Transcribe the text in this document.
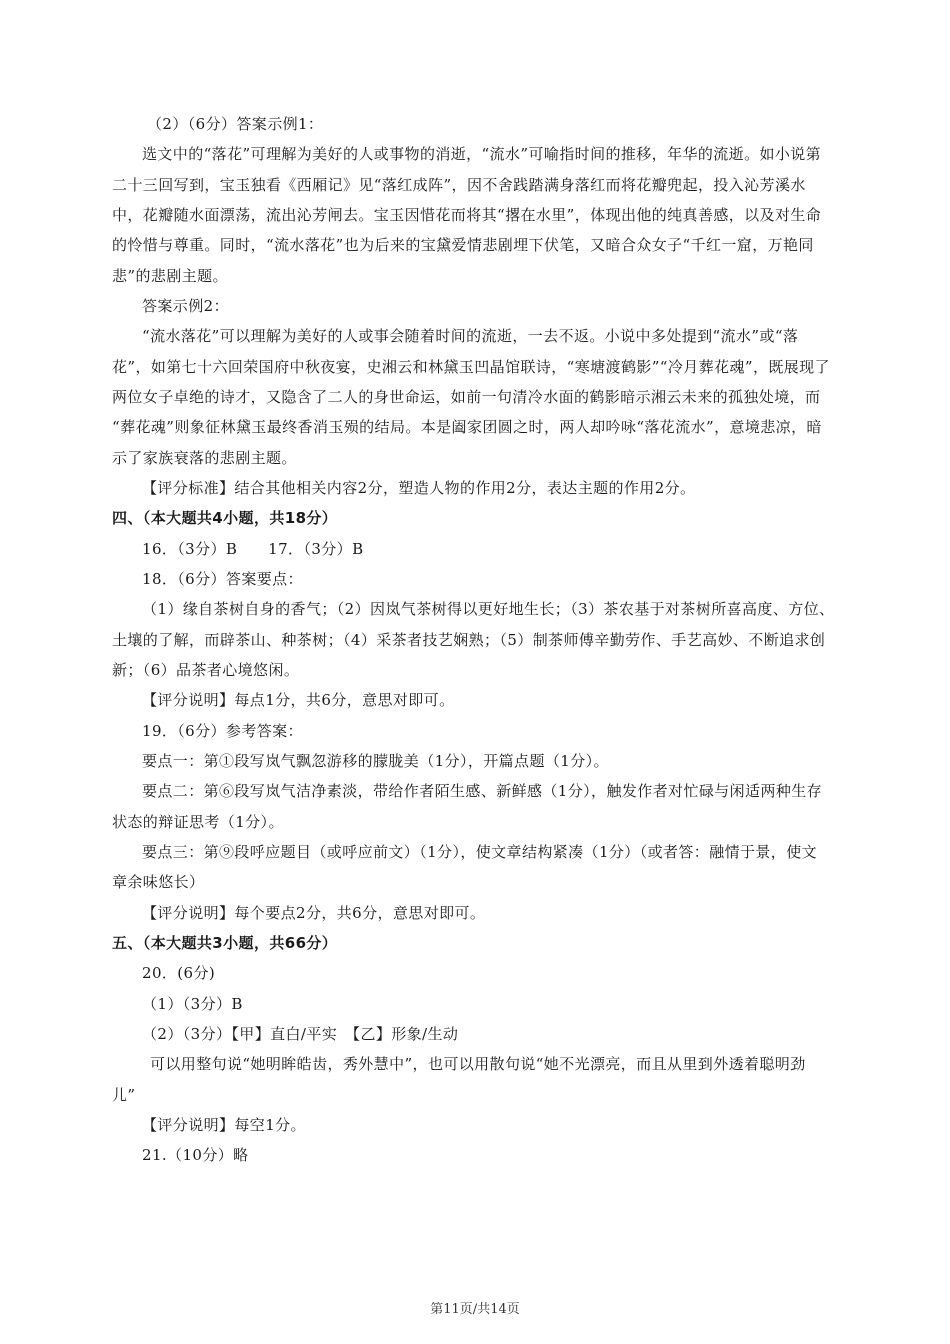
（2）（6分）答案示例1：
选文中的“落花”可理解为美好的人或事物的消逝，“流水”可喻指时间的推移，年华的流逝。如小说第
二十三回写到，宝玉独看《西厢记》见“落红成阵”，因不舍践踏满身落红而将花瓣兜起，投入沁芳溪水
中，花瓣随水面漂荡，流出沁芳闸去。宝玉因惜花而将其“撂在水里”，体现出他的纯真善感，以及对生命
的怜惜与尊重。同时，“流水落花”也为后来的宝黛爱情悲剧埋下伏笔，又暗合众女子“千红一窟，万艳同
悲”的悲剧主题。
答案示例2：
“流水落花”可以理解为美好的人或事会随着时间的流逝，一去不返。小说中多处提到“流水”或“落
花”，如第七十六回荣国府中秋夜宴，史湘云和林黛玉凹晶馆联诗，“寒塘渡鹤影”“冷月葬花魂”，既展现了
两位女子卓绝的诗才，又隐含了二人的身世命运，如前一句清冷水面的鹤影暗示湘云未来的孤独处境，而
“葬花魂”则象征林黛玉最终香消玉殒的结局。本是阖家团圆之时，两人却吟咏“落花流水”，意境悲凉，暗
示了家族衰落的悲剧主题。
【评分标准】结合其他相关内容2分，塑造人物的作用2分，表达主题的作用2分。
四、（本大题共4小题，共18分）
16．（3分）B　　17．（3分）B
18．（6分）答案要点：
（1）缘自茶树自身的香气；（2）因岚气茶树得以更好地生长；（3）茶农基于对茶树所喜高度、方位、
土壤的了解，而辟茶山、种茶树；（4）采茶者技艺娴熟；（5）制茶师傅辛勤劳作、手艺高妙、不断追求创
新；（6）品茶者心境悠闲。
【评分说明】每点1分，共6分，意思对即可。
19．（6分）参考答案：
要点一：第①段写岚气飘忽游移的朦胧美（1分），开篇点题（1分）。
要点二：第⑥段写岚气洁净素淡，带给作者陌生感、新鲜感（1分），触发作者对忙碌与闲适两种生存
状态的辩证思考（1分）。
要点三：第⑨段呼应题目（或呼应前文）（1分），使文章结构紧凑（1分）（或者答：融情于景，使文
章余味悠长）
【评分说明】每个要点2分，共6分，意思对即可。
五、（本大题共3小题，共66分）
20．(6分)
（1）（3分）B
（2）（3分）【甲】直白/平实　【乙】形象/生动
可以用整句说“她明眸皓齿，秀外慧中”，也可以用散句说“她不光漂亮，而且从里到外透着聪明劲
儿”
【评分说明】每空1分。
21.（10分）略
第11页/共14页
